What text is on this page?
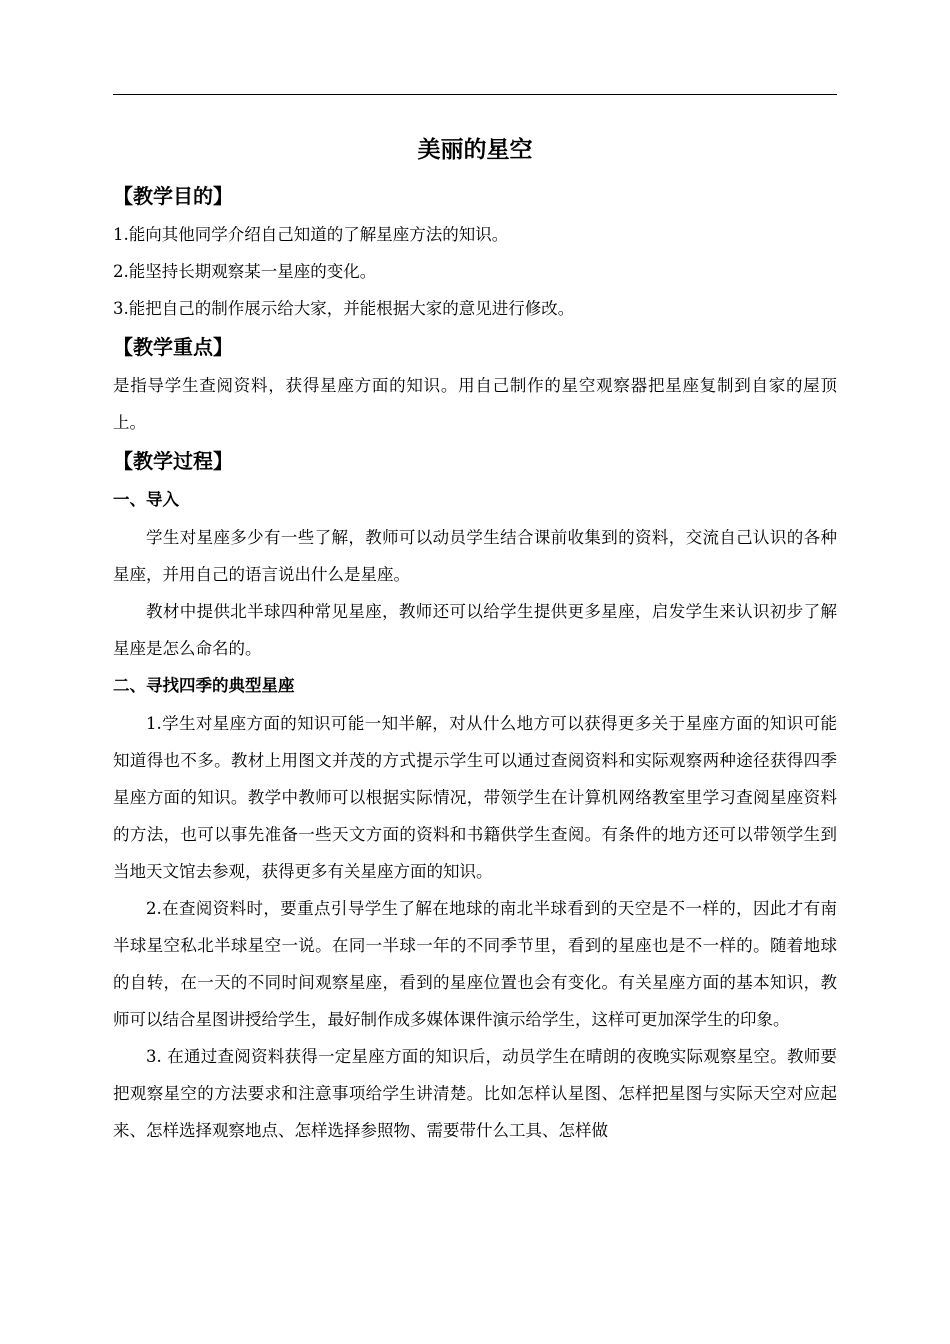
美丽的星空
【教学目的】

1.能向其他同学介绍自己知道的了解星座方法的知识。

2.能坚持长期观察某一星座的变化。

3.能把自己的制作展示给大家，并能根据大家的意见进行修改。

【教学重点】

是指导学生查阅资料，获得星座方面的知识。用自己制作的星空观察器把星座复制到自家的屋顶上。

【教学过程】
一、导入

学生对星座多少有一些了解，教师可以动员学生结合课前收集到的资料，交流自己认识的各种星座，并用自己的语言说出什么是星座。

教材中提供北半球四种常见星座，教师还可以给学生提供更多星座，启发学生来认识初步了解星座是怎么命名的。

二、寻找四季的典型星座

1.学生对星座方面的知识可能一知半解，对从什么地方可以获得更多关于星座方面的知识可能知道得也不多。教材上用图文并茂的方式提示学生可以通过查阅资料和实际观察两种途径获得四季星座方面的知识。教学中教师可以根据实际情况，带领学生在计算机网络教室里学习查阅星座资料的方法，也可以事先准备一些天文方面的资料和书籍供学生查阅。有条件的地方还可以带领学生到当地天文馆去参观，获得更多有关星座方面的知识。

2.在查阅资料时，要重点引导学生了解在地球的南北半球看到的天空是不一样的，因此才有南半球星空私北半球星空一说。在同一半球一年的不同季节里，看到的星座也是不一样的。随着地球的自转，在一天的不同时间观察星座，看到的星座位置也会有变化。有关星座方面的基本知识，教师可以结合星图讲授给学生，最好制作成多媒体课件演示给学生，这样可更加深学生的印象。

3. 在通过查阅资料获得一定星座方面的知识后，动员学生在晴朗的夜晚实际观察星空。教师要把观察星空的方法要求和注意事项给学生讲清楚。比如怎样认星图、怎样把星图与实际天空对应起来、怎样选择观察地点、怎样选择参照物、需要带什么工具、怎样做
